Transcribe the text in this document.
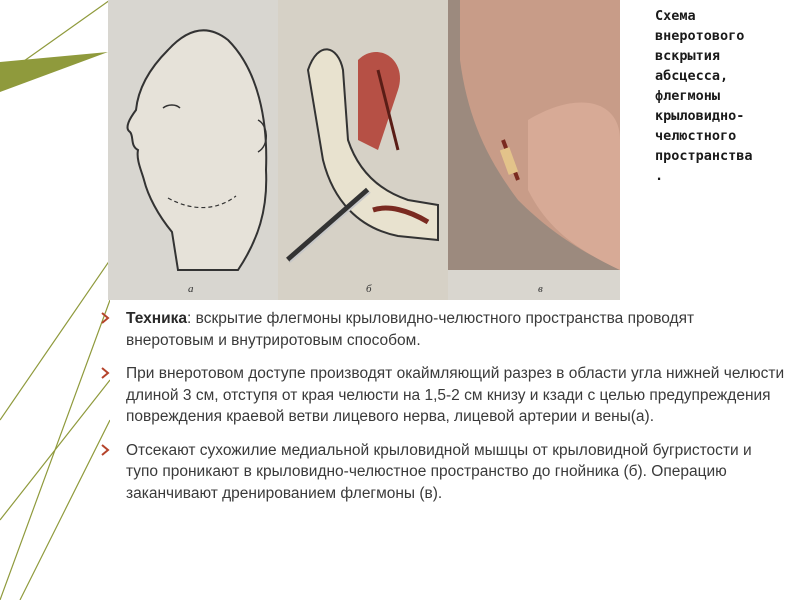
а	б	в

Схема
внеротового
вскрытия
абсцесса,
флегмоны
крыловидно-
челюстного
пространства
.

Техника: вскрытие флегмоны крыловидно-челюстного пространства проводят внеротовым и внутриротовым способом.
При внеротовом доступе производят окаймляющий разрез в области угла нижней челюсти длиной 3 см, отступя от края челюсти на 1,5-2 см книзу и кзади с целью предупреждения повреждения краевой ветви лицевого нерва, лицевой артерии и вены(а).
Отсекают сухожилие медиальной крыловидной мышцы от крыловидной бугристости и тупо проникают в крыловидно-челюстное пространство до гнойника (б). Операцию заканчивают дренированием флегмоны (в).
